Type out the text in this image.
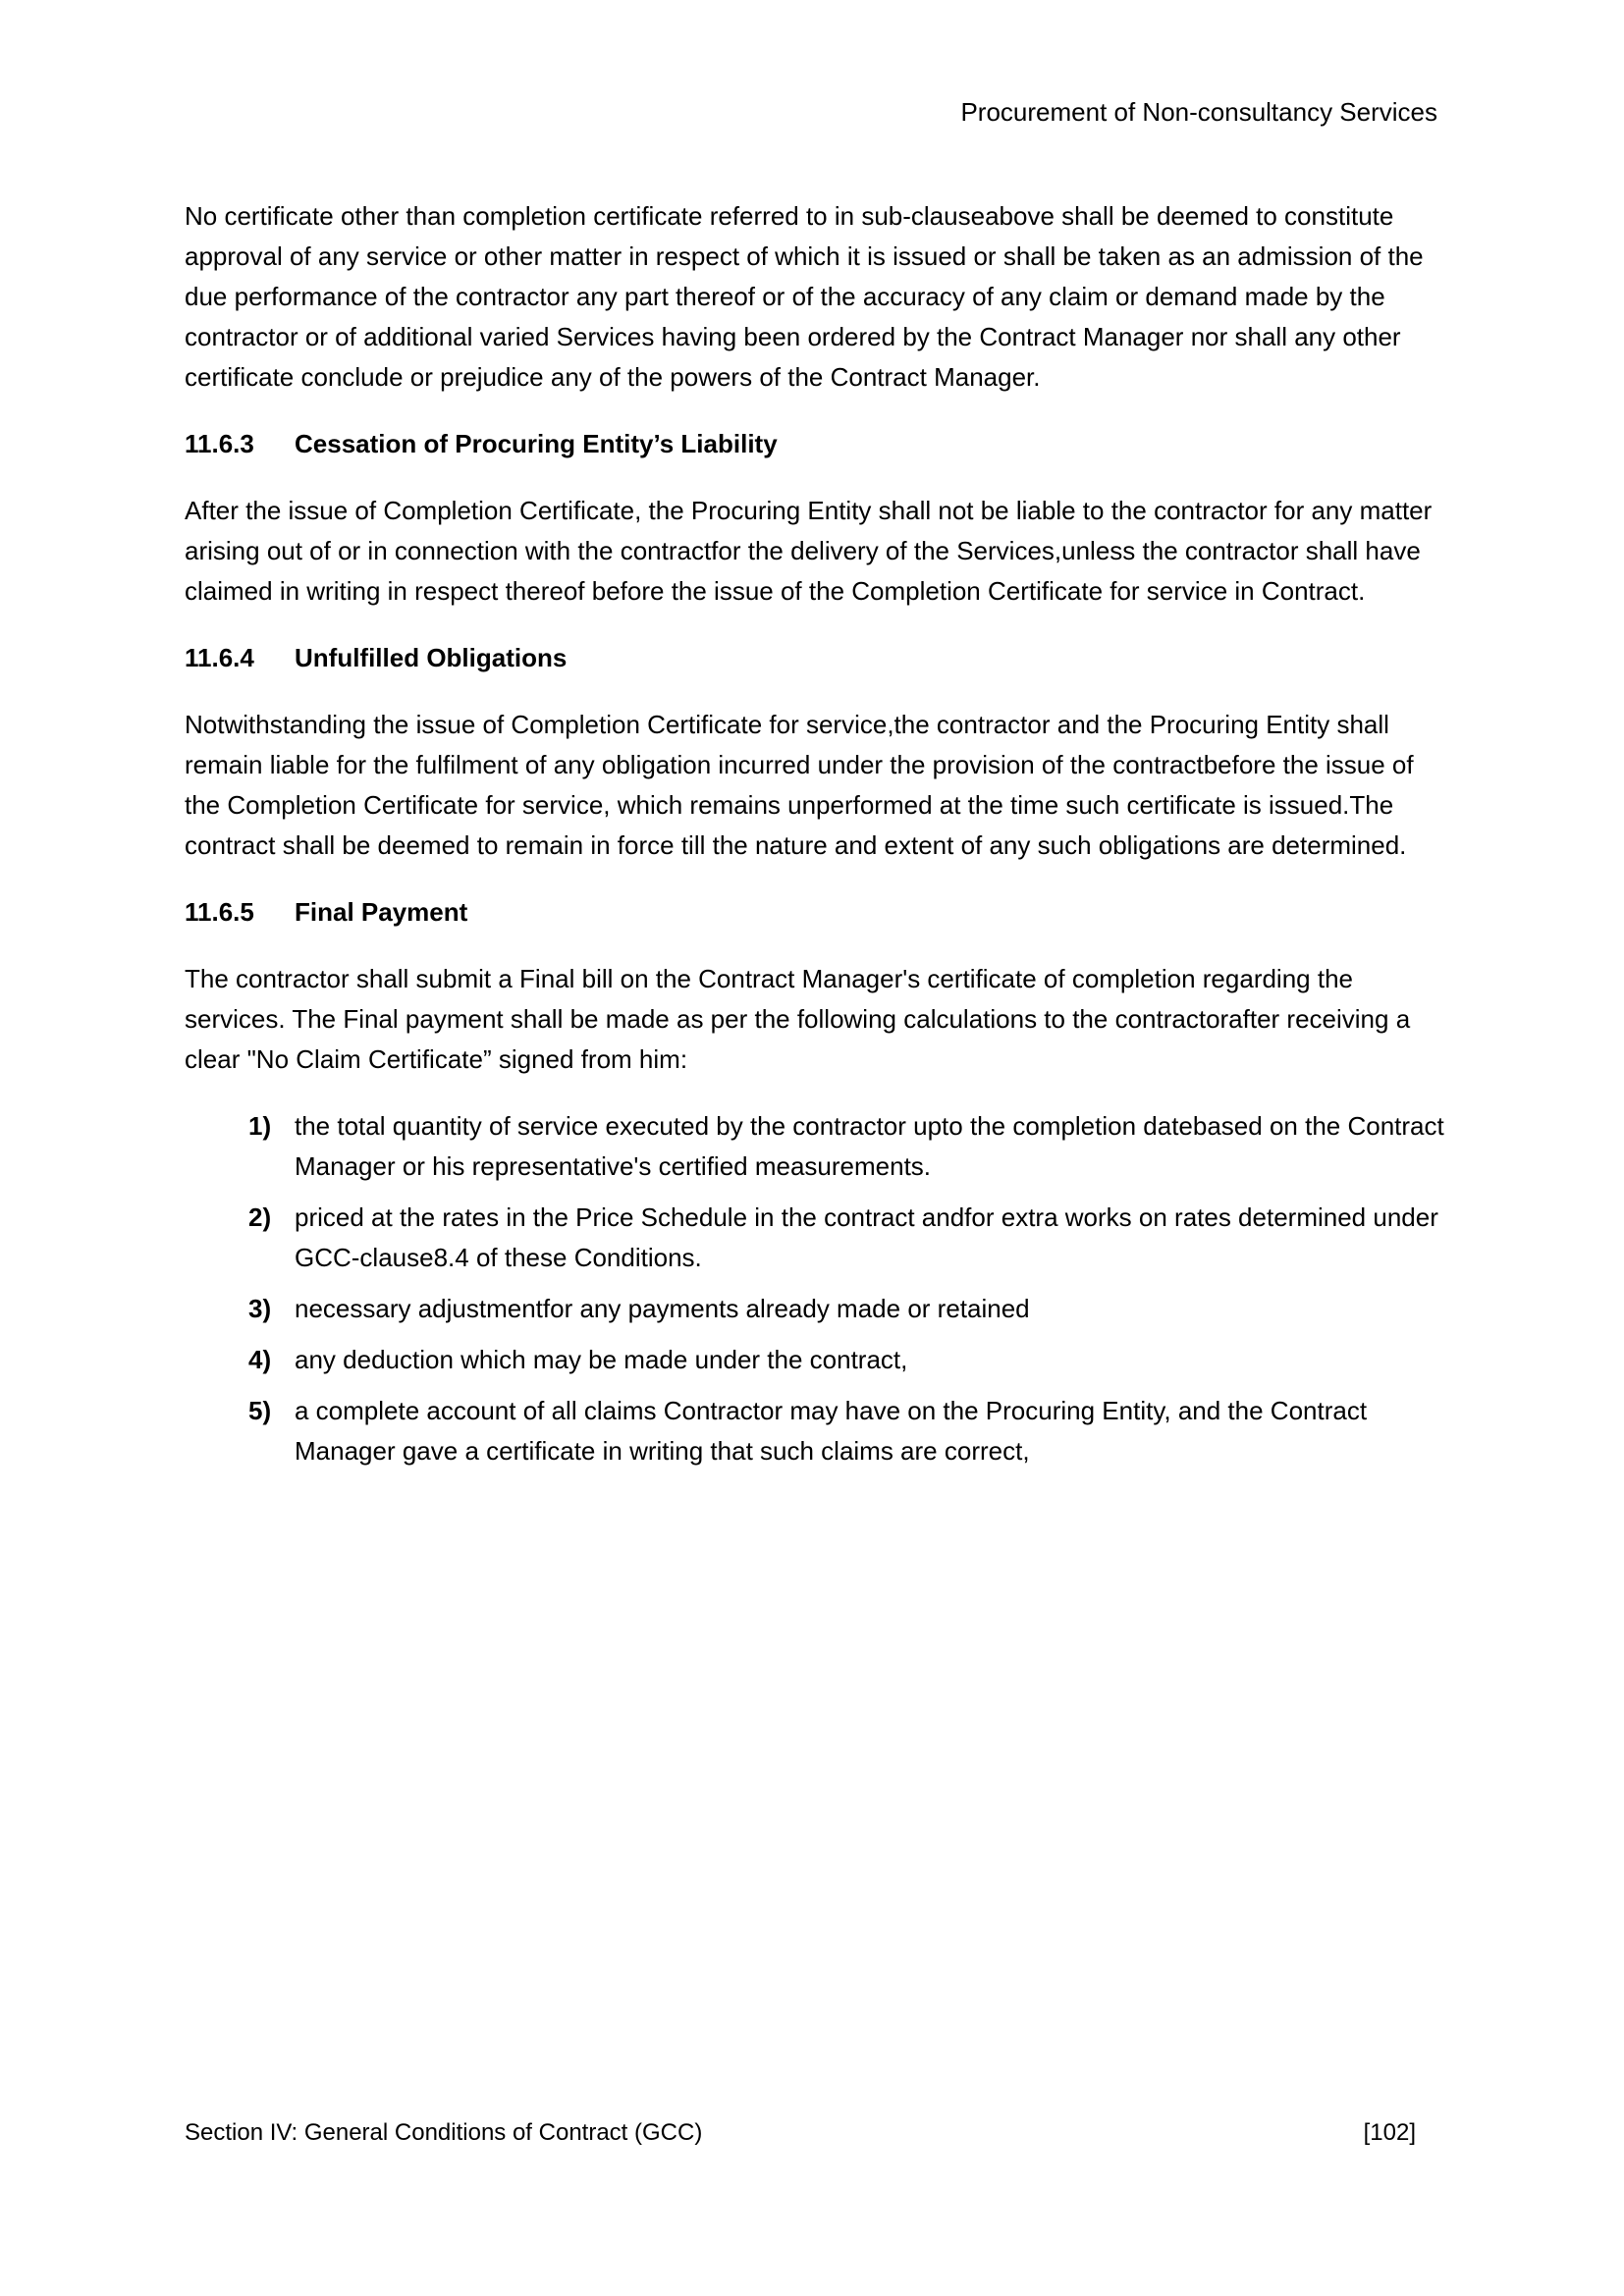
Procurement of Non-consultancy Services

No certificate other than completion certificate referred to in sub-clauseabove shall be deemed to constitute approval of any service or other matter in respect of which it is issued or shall be taken as an admission of the due performance of the contractor any part thereof or of the accuracy of any claim or demand made by the contractor or of additional varied Services having been ordered by the Contract Manager nor shall any other certificate conclude or prejudice any of the powers of the Contract Manager.

11.6.3	Cessation of Procuring Entity’s Liability

After the issue of Completion Certificate, the Procuring Entity shall not be liable to the contractor for any matter arising out of or in connection with the contractfor the delivery of the Services,unless the contractor shall have claimed in writing in respect thereof before the issue of the Completion Certificate for service in Contract.

11.6.4	Unfulfilled Obligations

Notwithstanding the issue of Completion Certificate for service,the contractor and the Procuring Entity shall remain liable for the fulfilment of any obligation incurred under the provision of the contractbefore the issue of the Completion Certificate for service, which remains unperformed at the time such certificate is issued.The contract shall be deemed to remain in force till the nature and extent of any such obligations are determined.

11.6.5	Final Payment

The contractor shall submit a Final bill on the Contract Manager's certificate of completion regarding the services. The Final payment shall be made as per the following calculations to the contractorafter receiving a clear "No Claim Certificate” signed from him:

1) the total quantity of service executed by the contractor upto the completion datebased on the Contract Manager or his representative's certified measurements.
2) priced at the rates in the Price Schedule in the contract andfor extra works on rates determined under GCC-clause8.4 of these Conditions.
3) necessary adjustmentfor any payments already made or retained
4) any deduction which may be made under the contract,
5) a complete account of all claims Contractor may have on the Procuring Entity, and the Contract Manager gave a certificate in writing that such claims are correct,
Section IV: General Conditions of Contract (GCC)	[102]
